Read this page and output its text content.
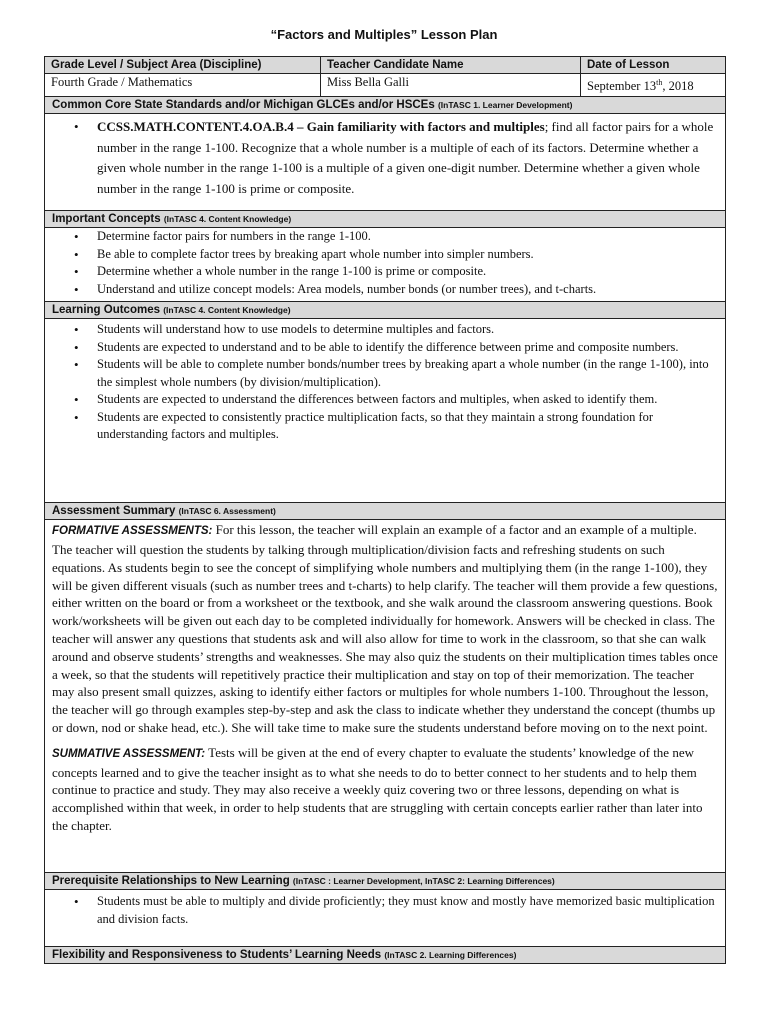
“Factors and Multiples” Lesson Plan
Grade Level / Subject Area (Discipline)	Teacher Candidate Name	Date of Lesson
Fourth Grade / Mathematics	Miss Bella Galli	September 13th, 2018
Common Core State Standards and/or Michigan GLCEs and/or HSCEs (InTASC 1. Learner Development)
• CCSS.MATH.CONTENT.4.OA.B.4 – Gain familiarity with factors and multiples; find all factor pairs for a whole number in the range 1-100. Recognize that a whole number is a multiple of each of its factors. Determine whether a given whole number in the range 1-100 is a multiple of a given one-digit number. Determine whether a given whole number in the range 1-100 is prime or composite.
Important Concepts (InTASC 4. Content Knowledge)
• Determine factor pairs for numbers in the range 1-100.
• Be able to complete factor trees by breaking apart whole number into simpler numbers.
• Determine whether a whole number in the range 1-100 is prime or composite.
• Understand and utilize concept models: Area models, number bonds (or number trees), and t-charts.
Learning Outcomes (InTASC 4. Content Knowledge)
• Students will understand how to use models to determine multiples and factors.
• Students are expected to understand and to be able to identify the difference between prime and composite numbers.
• Students will be able to complete number bonds/number trees by breaking apart a whole number (in the range 1-100), into the simplest whole numbers (by division/multiplication).
• Students are expected to understand the differences between factors and multiples, when asked to identify them.
• Students are expected to consistently practice multiplication facts, so that they maintain a strong foundation for understanding factors and multiples.
Assessment Summary (InTASC 6. Assessment)
FORMATIVE ASSESSMENTS: For this lesson, the teacher will explain an example of a factor and an example of a multiple. The teacher will question the students by talking through multiplication/division facts and refreshing students on such equations. As students begin to see the concept of simplifying whole numbers and multiplying them (in the range 1-100), they will be given different visuals (such as number trees and t-charts) to help clarify. The teacher will them provide a few questions, either written on the board or from a worksheet or the textbook, and she walk around the classroom answering questions. Book work/worksheets will be given out each day to be completed individually for homework. Answers will be checked in class. The teacher will answer any questions that students ask and will also allow for time to work in the classroom, so that she can walk around and observe students’ strengths and weaknesses. She may also quiz the students on their multiplication times tables once a week, so that the students will repetitively practice their multiplication and stay on top of their memorization. The teacher may also present small quizzes, asking to identify either factors or multiples for whole numbers 1-100. Throughout the lesson, the teacher will go through examples step-by-step and ask the class to indicate whether they understand the concept (thumbs up or down, nod or shake head, etc.). She will take time to make sure the students understand before moving on to the next point.
SUMMATIVE ASSESSMENT: Tests will be given at the end of every chapter to evaluate the students’ knowledge of the new concepts learned and to give the teacher insight as to what she needs to do to better connect to her students and to help them continue to practice and study. They may also receive a weekly quiz covering two or three lessons, depending on what is accomplished within that week, in order to help students that are struggling with certain concepts earlier rather than later into the chapter.
Prerequisite Relationships to New Learning (InTASC : Learner Development, InTASC 2: Learning Differences)
• Students must be able to multiply and divide proficiently; they must know and mostly have memorized basic multiplication and division facts.
Flexibility and Responsiveness to Students’ Learning Needs (InTASC 2. Learning Differences)
